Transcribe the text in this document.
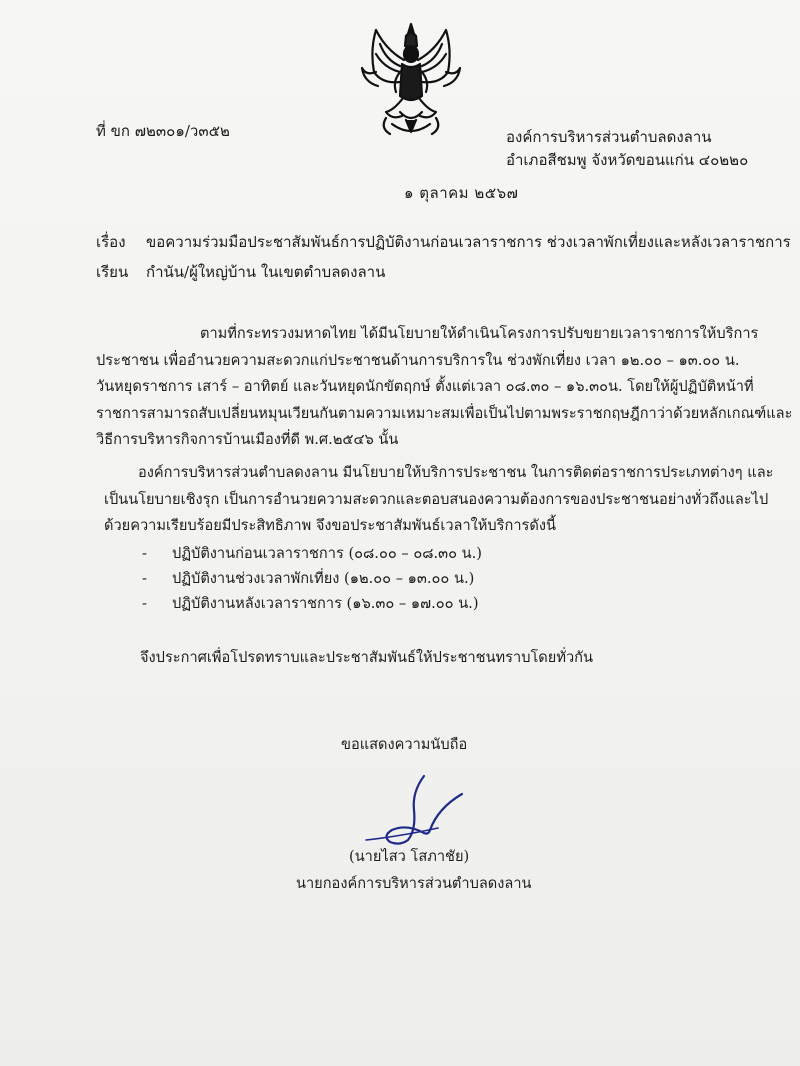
ที่ ขก ๗๒๓๐๑/ว๓๕๒	องค์การบริหารส่วนตำบลดงลาน
อำเภอสีชมพู จังหวัดขอนแก่น ๔๐๒๒๐
๑ ตุลาคม ๒๕๖๗
เรื่อง ขอความร่วมมือประชาสัมพันธ์การปฏิบัติงานก่อนเวลาราชการ ช่วงเวลาพักเที่ยงและหลังเวลาราชการ
เรียน กำนัน/ผู้ใหญ่บ้าน ในเขตตำบลดงลาน
ตามที่กระทรวงมหาดไทย ได้มีนโยบายให้ดำเนินโครงการปรับขยายเวลาราชการให้บริการ
ประชาชน เพื่ออำนวยความสะดวกแก่ประชาชนด้านการบริการใน ช่วงพักเที่ยง เวลา ๑๒.๐๐ – ๑๓.๐๐ น.
วันหยุดราชการ เสาร์ – อาทิตย์ และวันหยุดนักขัตฤกษ์ ตั้งแต่เวลา ๐๘.๓๐ – ๑๖.๓๐น. โดยให้ผู้ปฏิบัติหน้าที่
ราชการสามารถสับเปลี่ยนหมุนเวียนกันตามความเหมาะสมเพื่อเป็นไปตามพระราชกฤษฎีกาว่าด้วยหลักเกณฑ์และ
วิธีการบริหารกิจการบ้านเมืองที่ดี พ.ศ.๒๕๔๖ นั้น
องค์การบริหารส่วนตำบลดงลาน มีนโยบายให้บริการประชาชน ในการติดต่อราชการประเภทต่างๆ และ
เป็นนโยบายเชิงรุก เป็นการอำนวยความสะดวกและตอบสนองความต้องการของประชาชนอย่างทั่วถึงและไป
ด้วยความเรียบร้อยมีประสิทธิภาพ จึงขอประชาสัมพันธ์เวลาให้บริการดังนี้
- ปฏิบัติงานก่อนเวลาราชการ (๐๘.๐๐ – ๐๘.๓๐ น.)
- ปฏิบัติงานช่วงเวลาพักเที่ยง (๑๒.๐๐ – ๑๓.๐๐ น.)
- ปฏิบัติงานหลังเวลาราชการ (๑๖.๓๐ – ๑๗.๐๐ น.)
จึงประกาศเพื่อโปรดทราบและประชาสัมพันธ์ให้ประชาชนทราบโดยทั่วกัน
ขอแสดงความนับถือ
(นายไสว โสภาชัย)
นายกองค์การบริหารส่วนตำบลดงลาน
